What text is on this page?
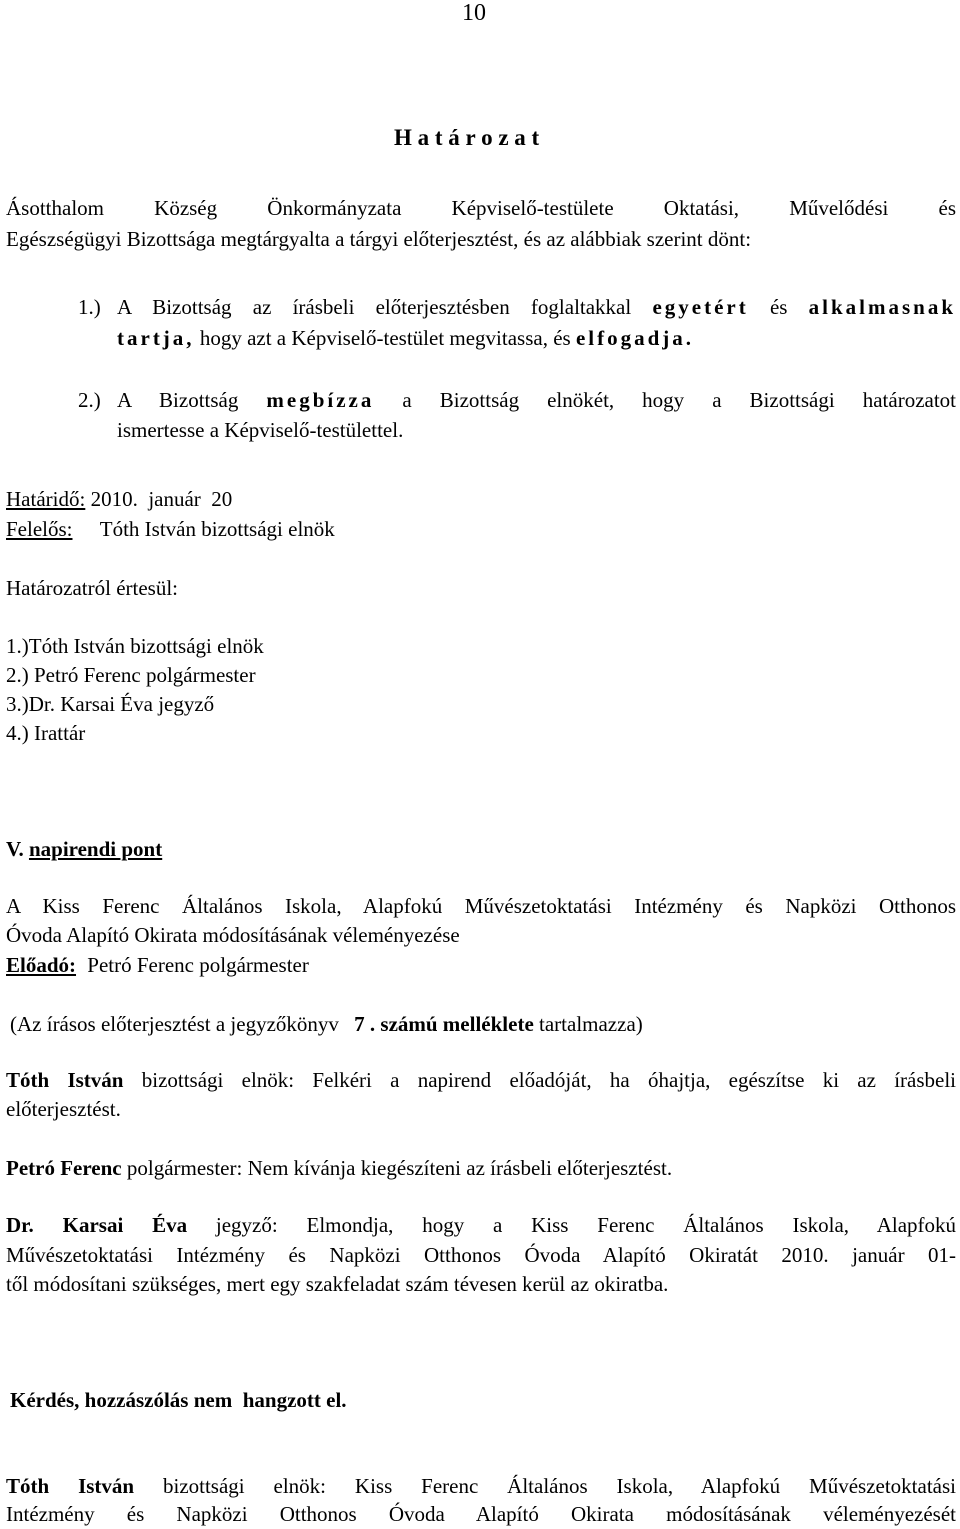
10
H a t á r o z a t
Ásotthalom Község Önkormányzata Képviselő-testülete Oktatási, Művelődési és
Egészségügyi Bizottsága megtárgyalta a tárgyi előterjesztést, és az alábbiak szerint dönt:
1.) A Bizottság az írásbeli előterjesztésben foglaltakkal egyetért és alkalmasnak
tartja, hogy azt a Képviselő-testület megvitassa, és elfogadja.
2.) A Bizottság megbízza a Bizottság elnökét, hogy a Bizottsági határozatot
ismertesse a Képviselő-testülettel.
Határidő: 2010.  január  20
Felelős: Tóth István bizottsági elnök
Határozatról értesül:
1.)Tóth István bizottsági elnök
2.) Petró Ferenc polgármester
3.)Dr. Karsai Éva jegyző
4.) Irattár
V. napirendi pont
A Kiss Ferenc Általános Iskola, Alapfokú Művészetoktatási Intézmény és Napközi Otthonos
Óvoda Alapító Okirata módosításának véleményezése
Előadó: Petró Ferenc polgármester
(Az írásos előterjesztést a jegyzőkönyv 7 . számú melléklete tartalmazza)
Tóth István bizottsági elnök: Felkéri a napirend előadóját, ha óhajtja, egészítse ki az írásbeli
előterjesztést.
Petró Ferenc polgármester: Nem kívánja kiegészíteni az írásbeli előterjesztést.
Dr. Karsai Éva jegyző: Elmondja, hogy a Kiss Ferenc Általános Iskola, Alapfokú
Művészetoktatási Intézmény és Napközi Otthonos Óvoda Alapító Okiratát 2010. január 01-
től módosítani szükséges, mert egy szakfeladat szám tévesen kerül az okiratba.
Kérdés, hozzászólás nem  hangzott el.
Tóth István bizottsági elnök: Kiss Ferenc Általános Iskola, Alapfokú Művészetoktatási
Intézmény és Napközi Otthonos Óvoda Alapító Okirata módosításának véleményezését
